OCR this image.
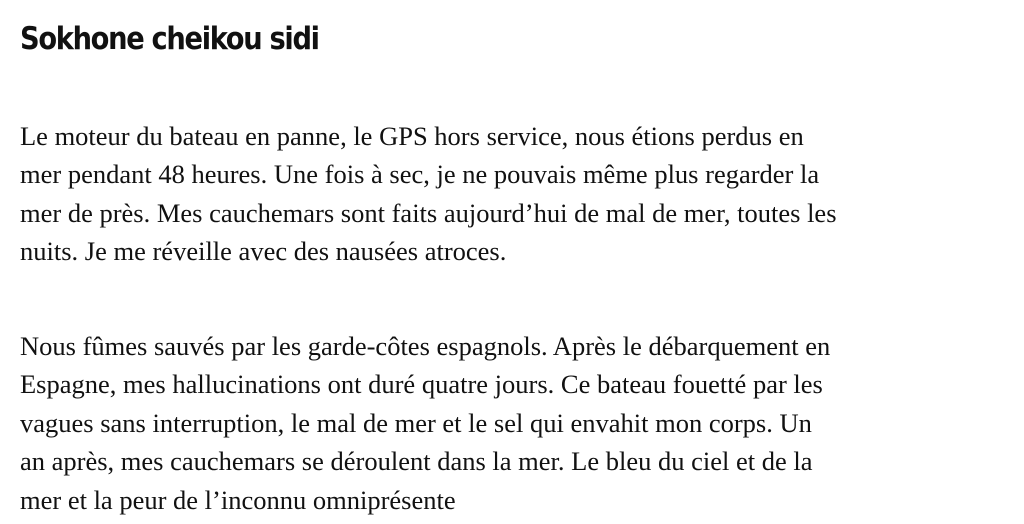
Sokhone cheikou sidi

Le moteur du bateau en panne, le GPS hors service, nous étions perdus en
mer pendant 48 heures. Une fois à sec, je ne pouvais même plus regarder la
mer de près. Mes cauchemars sont faits aujourd’hui de mal de mer, toutes les
nuits. Je me réveille avec des nausées atroces.

Nous fûmes sauvés par les garde-côtes espagnols. Après le débarquement en
Espagne, mes hallucinations ont duré quatre jours. Ce bateau fouetté par les
vagues sans interruption, le mal de mer et le sel qui envahit mon corps. Un
an après, mes cauchemars se déroulent dans la mer. Le bleu du ciel et de la
mer et la peur de l’inconnu omniprésente
